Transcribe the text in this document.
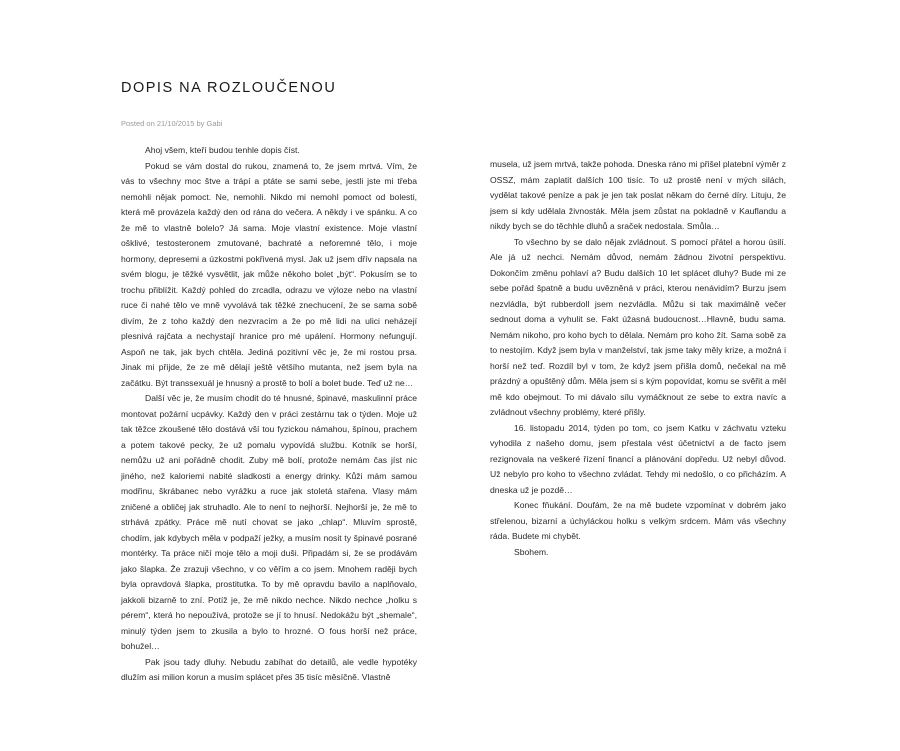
DOPIS NA ROZLOUČENOU
Posted on 21/10/2015 by Gabi

Ahoj všem, kteří budou tenhle dopis číst.

Pokud se vám dostal do rukou, znamená to, že jsem mrtvá. Vím, že vás to všechny moc štve a trápí a ptáte se sami sebe, jestli jste mi třeba nemohli nějak pomoct. Ne, nemohli. Nikdo mi nemohl pomoct od bolesti, která mě provázela každý den od rána do večera. A někdy i ve spánku. A co že mě to vlastně bolelo? Já sama. Moje vlastní existence. Moje vlastní ošklivé, testosteronem zmutované, bachraté a neforemné tělo, i moje hormony, depresemi a úzkostmi pokřivená mysl. Jak už jsem dřív napsala na svém blogu, je těžké vysvětlit, jak může někoho bolet „být“. Pokusím se to trochu přiblížit. Každý pohled do zrcadla, odrazu ve výloze nebo na vlastní ruce či nahé tělo ve mně vyvolává tak těžké znechucení, že se sama sobě divím, že z toho každý den nezvracím a že po mě lidi na ulici neházejí plesnivá rajčata a nechystají hranice pro mé upálení. Hormony nefungují. Aspoň ne tak, jak bych chtěla. Jediná pozitivní věc je, že mi rostou prsa. Jinak mi přijde, že ze mě dělají ještě většího mutanta, než jsem byla na začátku. Být transsexuál je hnusný a prostě to bolí a bolet bude. Teď už ne…

Další věc je, že musím chodit do té hnusné, špinavé, maskulinní práce montovat požární ucpávky. Každý den v práci zestárnu tak o týden. Moje už tak těžce zkoušené tělo dostává vší tou fyzickou námahou, špínou, prachem a potem takové pecky, že už pomalu vypovídá službu. Kotník se horší, nemůžu už ani pořádně chodit. Zuby mě bolí, protože nemám čas jíst nic jiného, než kaloriemi nabité sladkosti a energy drinky. Kůži mám samou modřinu, škrábanec nebo vyrážku a ruce jak stoletá stařena. Vlasy mám zničené a obličej jak struhadlo. Ale to není to nejhorší. Nejhorší je, že mě to strhává zpátky. Práce mě nutí chovat se jako „chlap“. Mluvím sprostě, chodím, jak kdybych měla v podpaží ježky, a musím nosit ty špinavé posrané montérky. Ta práce ničí moje tělo a moji duši. Připadám si, že se prodávám jako šlapka. Že zrazuji všechno, v co věřím a co jsem. Mnohem raději bych byla opravdová šlapka, prostitutka. To by mě opravdu bavilo a naplňovalo, jakkoli bizarně to zní. Potíž je, že mě nikdo nechce. Nikdo nechce „holku s pérem“, která ho nepoužívá, protože se jí to hnusí. Nedokážu být „shemale“, minulý týden jsem to zkusila a bylo to hrozné. O fous horší než práce, bohužel…

Pak jsou tady dluhy. Nebudu zabíhat do detailů, ale vedle hypotéky dlužím asi milion korun a musím splácet přes 35 tisíc měsíčně. Vlastně

musela, už jsem mrtvá, takže pohoda. Dneska ráno mi přišel platební výměr z OSSZ, mám zaplatit dalších 100 tisíc. To už prostě není v mých silách, vydělat takové peníze a pak je jen tak poslat někam do černé díry. Lituju, že jsem si kdy udělala živnosták. Měla jsem zůstat na pokladně v Kauflandu a nikdy bych se do těchhle dluhů a sraček nedostala. Smůla…

To všechno by se dalo nějak zvládnout. S pomocí přátel a horou úsilí. Ale já už nechci. Nemám důvod, nemám žádnou životní perspektivu. Dokončím změnu pohlaví a? Budu dalších 10 let splácet dluhy? Bude mi ze sebe pořád špatně a budu uvězněná v práci, kterou nenávidím? Burzu jsem nezvládla, být rubberdoll jsem nezvládla. Můžu si tak maximálně večer sednout doma a vyhulit se. Fakt úžasná budoucnost…Hlavně, budu sama. Nemám nikoho, pro koho bych to dělala. Nemám pro koho žít. Sama sobě za to nestojím. Když jsem byla v manželství, tak jsme taky měly krize, a možná i horší než teď. Rozdíl byl v tom, že když jsem přišla domů, nečekal na mě prázdný a opuštěný dům. Měla jsem si s kým popovídat, komu se svěřit a měl mě kdo obejmout. To mi dávalo sílu vymáčknout ze sebe to extra navíc a zvládnout všechny problémy, které přišly.

16. listopadu 2014, týden po tom, co jsem Katku v záchvatu vzteku vyhodila z našeho domu, jsem přestala vést účetnictví a de facto jsem rezignovala na veškeré řízení financí a plánování dopředu. Už nebyl důvod. Už nebylo pro koho to všechno zvládat. Tehdy mi nedošlo, o co přicházím. A dneska už je pozdě…

Konec fňukání. Doufám, že na mě budete vzpomínat v dobrém jako střelenou, bizarní a úchylácko​u holku s velkým srdcem. Mám vás všechny ráda. Budete mi chybět.

Sbohem.
